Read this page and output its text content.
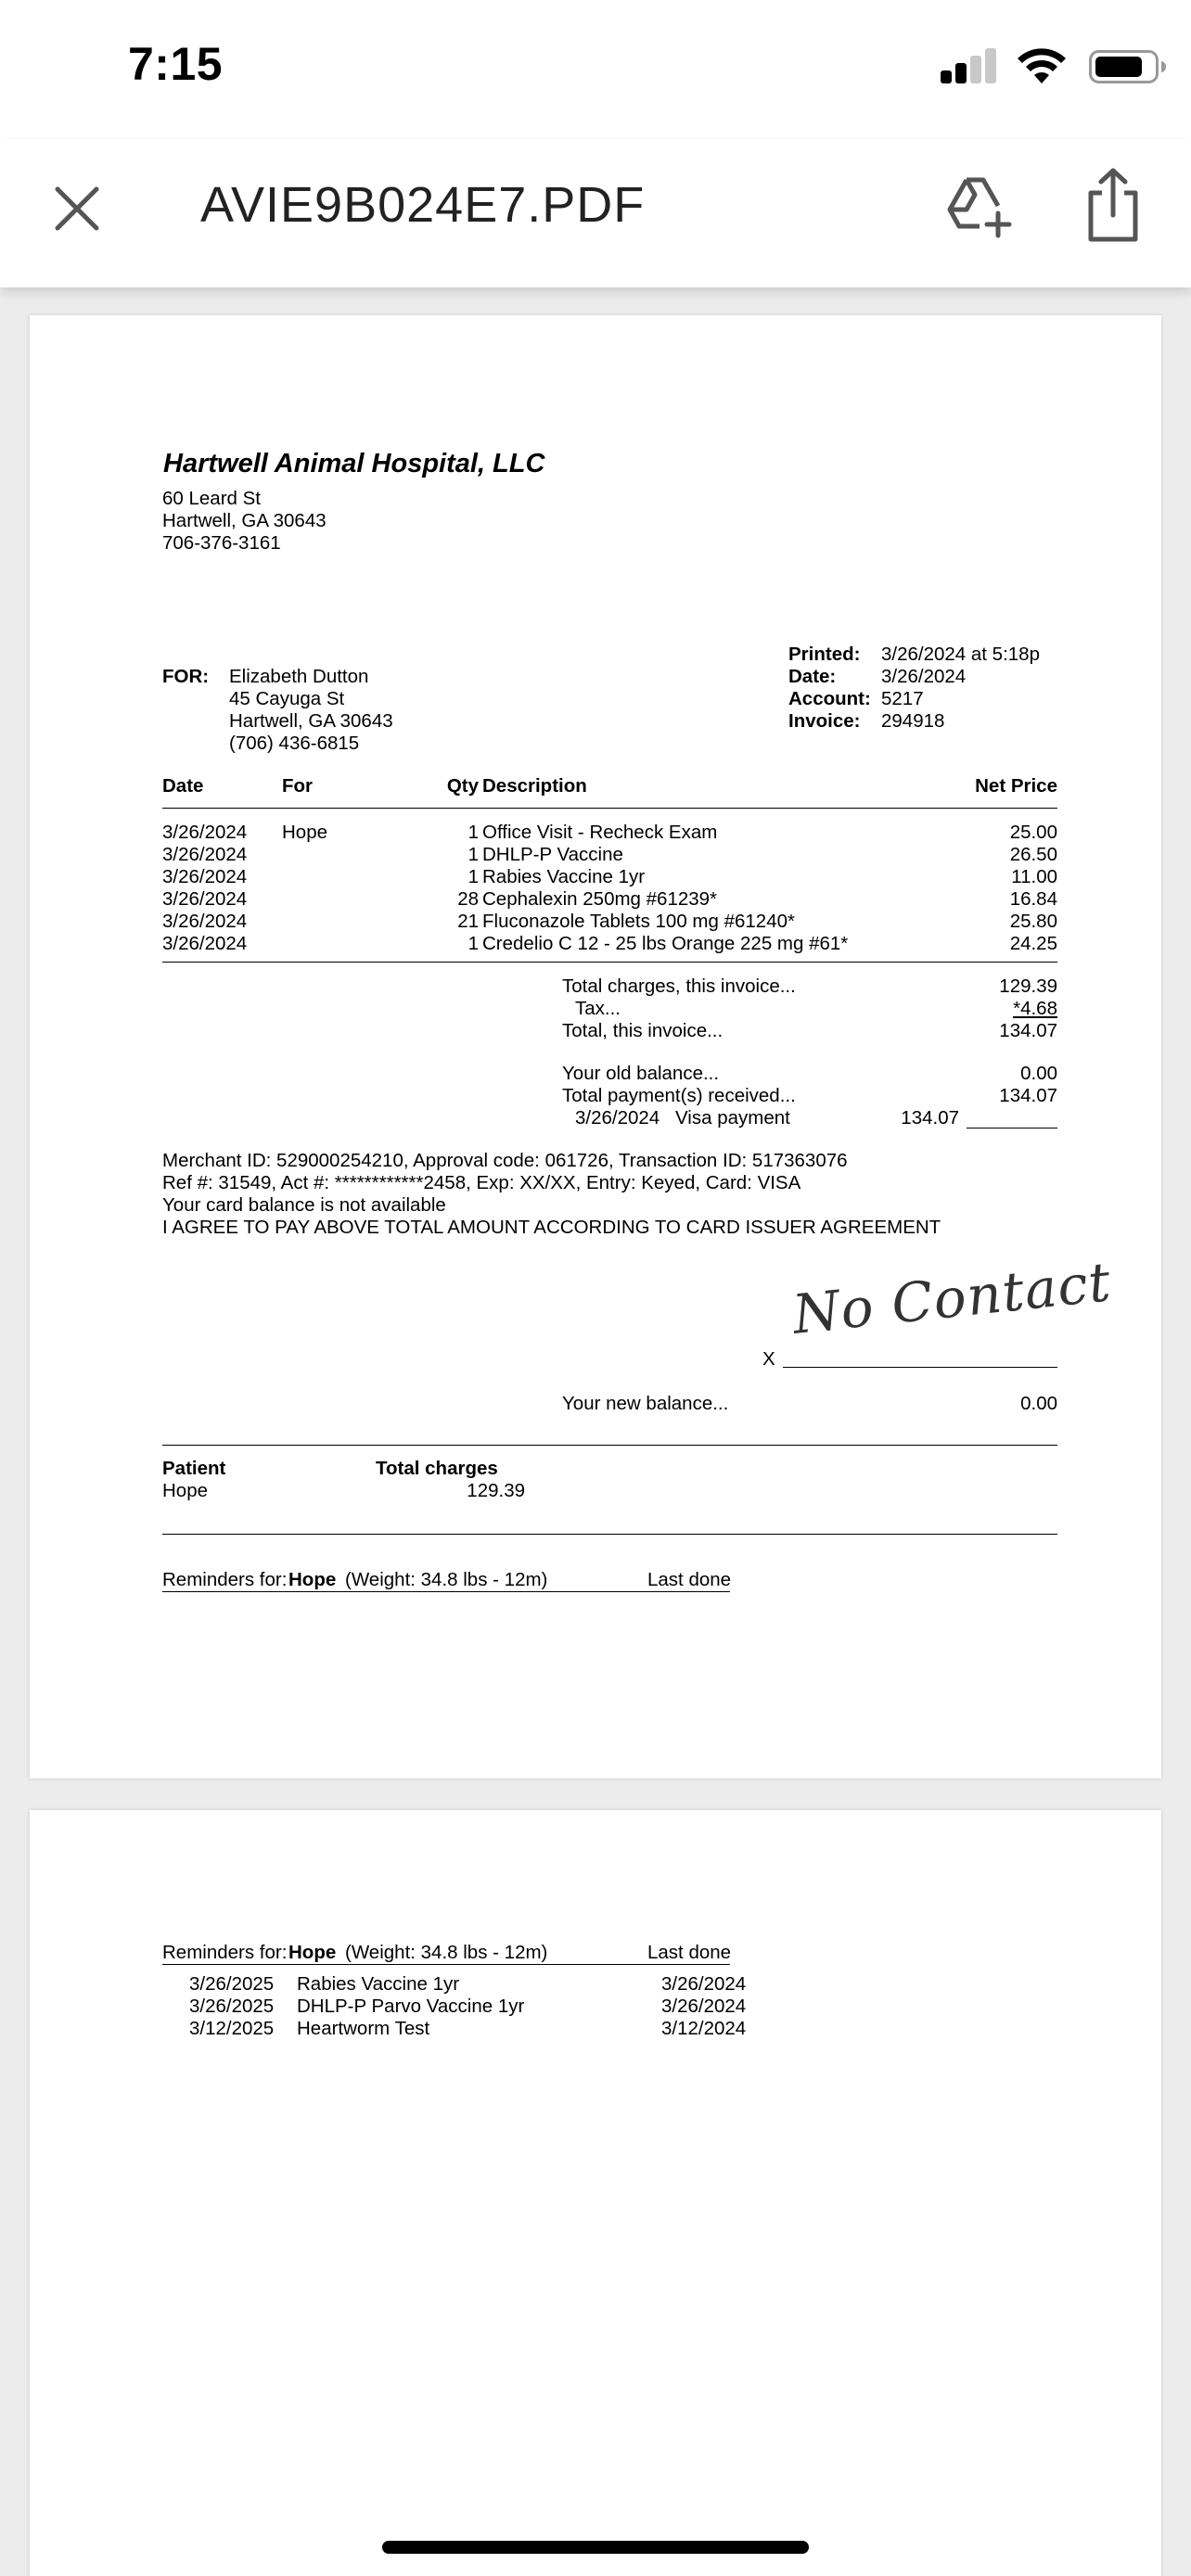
7:15
AVIE9B024E7.PDF
Hartwell Animal Hospital, LLC
60 Leard St
Hartwell, GA 30643
706-376-3161
FOR: Elizabeth Dutton
45 Cayuga St
Hartwell, GA 30643
(706) 436-6815
Printed: 3/26/2024 at 5:18p
Date: 3/26/2024
Account: 5217
Invoice: 294918
Date	For	Qty Description	Net Price
3/26/2024 Hope	1 Office Visit - Recheck Exam	25.00
3/26/2024	1 DHLP-P Vaccine	26.50
3/26/2024	1 Rabies Vaccine 1yr	11.00
3/26/2024	28 Cephalexin 250mg #61239*	16.84
3/26/2024	21 Fluconazole Tablets 100 mg #61240*	25.80
3/26/2024	1 Credelio C 12 - 25 lbs Orange 225 mg #61*	24.25
Total charges, this invoice...	129.39
Tax...	*4.68
Total, this invoice...	134.07
Your old balance...	0.00
Total payment(s) received...	134.07
3/26/2024 Visa payment	134.07
Merchant ID: 529000254210, Approval code: 061726, Transaction ID: 517363076
Ref #: 31549, Act #: ************2458, Exp: XX/XX, Entry: Keyed, Card: VISA
Your card balance is not available
I AGREE TO PAY ABOVE TOTAL AMOUNT ACCORDING TO CARD ISSUER AGREEMENT
No Contact
X
Your new balance...	0.00
Patient	Total charges
Hope	129.39
Reminders for: Hope (Weight: 34.8 lbs - 12m)	Last done
Reminders for: Hope (Weight: 34.8 lbs - 12m)	Last done
3/26/2025 Rabies Vaccine 1yr	3/26/2024
3/26/2025 DHLP-P Parvo Vaccine 1yr	3/26/2024
3/12/2025 Heartworm Test	3/12/2024
